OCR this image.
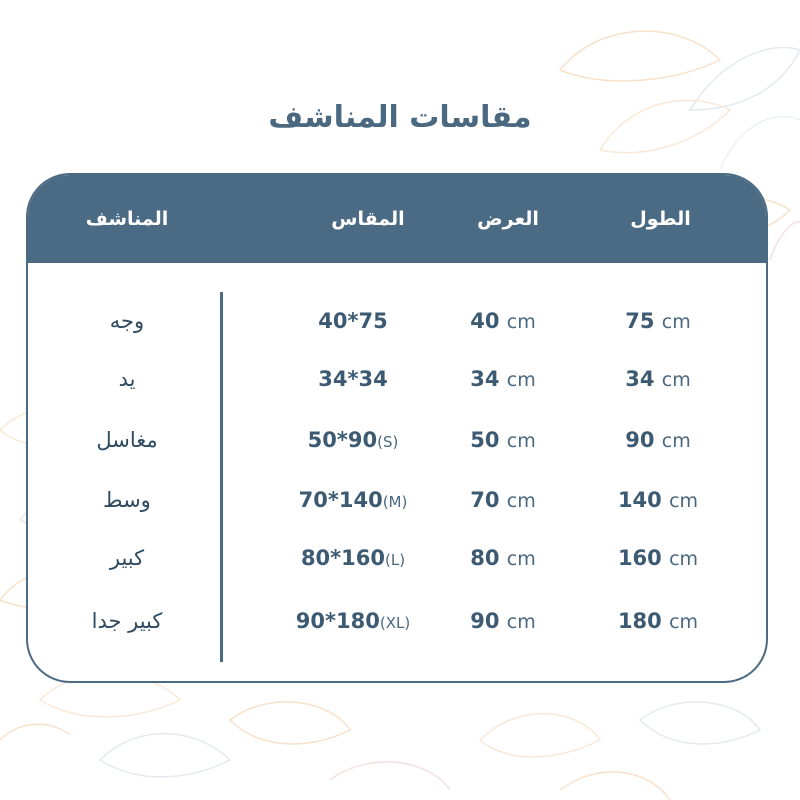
مقاسات المناشف
المناشف	المقاس	العرض	الطول
وجه	40*75	40 cm	75 cm
يد	34*34	34 cm	34 cm
مغاسل	50*90(S)	50 cm	90 cm
وسط	70*140(M)	70 cm	140 cm
كبير	80*160(L)	80 cm	160 cm
كبير جدا	90*180(XL)	90 cm	180 cm
